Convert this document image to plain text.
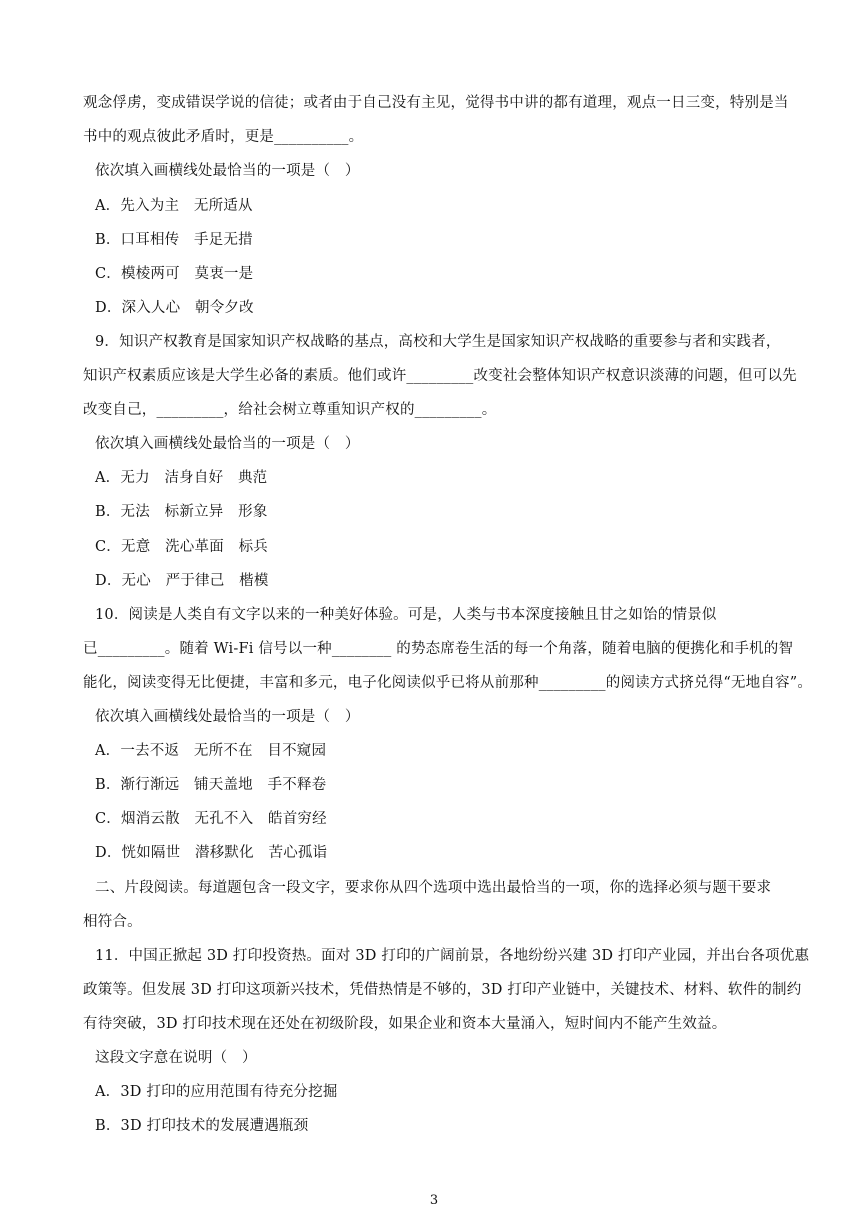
观念俘虏，变成错误学说的信徒；或者由于自己没有主见，觉得书中讲的都有道理，观点一日三变，特别是当
书中的观点彼此矛盾时，更是__________。
依次填入画横线处最恰当的一项是（　）
A．先入为主　无所适从
B．口耳相传　手足无措
C．模棱两可　莫衷一是
D．深入人心　朝令夕改
9．知识产权教育是国家知识产权战略的基点，高校和大学生是国家知识产权战略的重要参与者和实践者，
知识产权素质应该是大学生必备的素质。他们或许_________改变社会整体知识产权意识淡薄的问题，但可以先
改变自己，_________，给社会树立尊重知识产权的_________。
依次填入画横线处最恰当的一项是（　）
A．无力　洁身自好　典范
B．无法　标新立异　形象
C．无意　洗心革面　标兵
D．无心　严于律己　楷模
10．阅读是人类自有文字以来的一种美好体验。可是，人类与书本深度接触且甘之如饴的情景似
已_________。随着 Wi-Fi 信号以一种________ 的势态席卷生活的每一个角落，随着电脑的便携化和手机的智
能化，阅读变得无比便捷，丰富和多元，电子化阅读似乎已将从前那种_________的阅读方式挤兑得“无地自容”。
依次填入画横线处最恰当的一项是（　）
A．一去不返　无所不在　目不窥园
B．渐行渐远　铺天盖地　手不释卷
C．烟消云散　无孔不入　皓首穷经
D．恍如隔世　潜移默化　苦心孤诣
二、片段阅读。每道题包含一段文字，要求你从四个选项中选出最恰当的一项，你的选择必须与题干要求
相符合。
11．中国正掀起 3D 打印投资热。面对 3D 打印的广阔前景，各地纷纷兴建 3D 打印产业园，并出台各项优惠
政策等。但发展 3D 打印这项新兴技术，凭借热情是不够的，3D 打印产业链中，关键技术、材料、软件的制约
有待突破，3D 打印技术现在还处在初级阶段，如果企业和资本大量涌入，短时间内不能产生效益。
这段文字意在说明（　）
A．3D 打印的应用范围有待充分挖掘
B．3D 打印技术的发展遭遇瓶颈
3
